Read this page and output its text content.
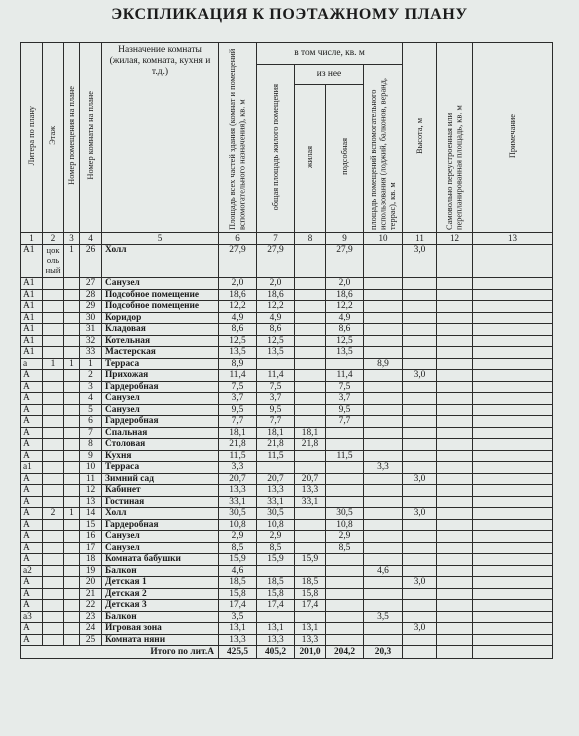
ЭКСПЛИКАЦИЯ К ПОЭТАЖНОМУ ПЛАНУ
Литера по плану	Этаж	Номер помещения на плане	Номер комнаты на плане	Назначение комнаты (жилая, комната, кухня и т.д.)	Площадь всех частей здания (комнат и помещений вспомогательного назначения), кв. м	в том числе, кв. м				Высота, м	Самовольно переустроенная или перепланированная площадь, кв. м	Примечание
						общая площадь жилого помещения	из нее		площадь помещений вспомогательного использования (лоджий, балконов, веранд, террас), кв. м			
							жилая	подсобная				
1	2	3	4	5	6	7	8	9	10	11	12	13
А1	цок оль ный	1	26	Холл	27,9	27,9		27,9		3,0		
А1			27	Санузел	2,0	2,0		2,0				
А1			28	Подсобное помещение	18,6	18,6		18,6				
А1			29	Подсобное помещение	12,2	12,2		12,2				
А1			30	Коридор	4,9	4,9		4,9				
А1			31	Кладовая	8,6	8,6		8,6				
А1			32	Котельная	12,5	12,5		12,5				
А1			33	Мастерская	13,5	13,5		13,5				
а	1	1	1	Терраса	8,9				8,9			
А			2	Прихожая	11,4	11,4		11,4		3,0		
А			3	Гардеробная	7,5	7,5		7,5				
А			4	Санузел	3,7	3,7		3,7				
А			5	Санузел	9,5	9,5		9,5				
А			6	Гардеробная	7,7	7,7		7,7				
А			7	Спальная	18,1	18,1	18,1					
А			8	Столовая	21,8	21,8	21,8					
А			9	Кухня	11,5	11,5		11,5				
а1			10	Терраса	3,3				3,3			
А			11	Зимний сад	20,7	20,7	20,7			3,0		
А			12	Кабинет	13,3	13,3	13,3					
А			13	Гостиная	33,1	33,1	33,1					
А	2	1	14	Холл	30,5	30,5		30,5		3,0		
А			15	Гардеробная	10,8	10,8		10,8				
А			16	Санузел	2,9	2,9		2,9				
А			17	Санузел	8,5	8,5		8,5				
А			18	Комната бабушки	15,9	15,9	15,9					
а2			19	Балкон	4,6				4,6			
А			20	Детская 1	18,5	18,5	18,5			3,0		
А			21	Детская 2	15,8	15,8	15,8					
А			22	Детская 3	17,4	17,4	17,4					
а3			23	Балкон	3,5				3,5			
А			24	Игровая зона	13,1	13,1	13,1			3,0		
А			25	Комната няни	13,3	13,3	13,3					
Итого по лит.А					425,5	405,2	201,0	204,2	20,3			
